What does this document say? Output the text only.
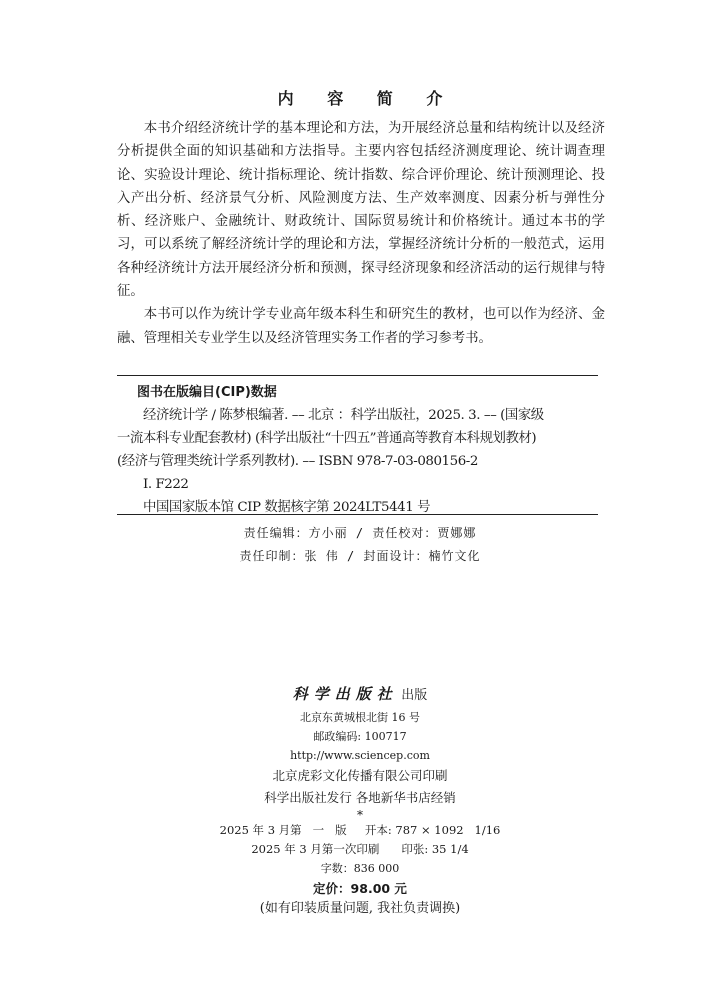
内 容 简 介

本书介绍经济统计学的基本理论和方法，为开展经济总量和结构统计以及经济分析提供全面的知识基础和方法指导。主要内容包括经济测度理论、统计调查理论、实验设计理论、统计指标理论、统计指数、综合评价理论、统计预测理论、投入产出分析、经济景气分析、风险测度方法、生产效率测度、因素分析与弹性分析、经济账户、金融统计、财政统计、国际贸易统计和价格统计。通过本书的学习，可以系统了解经济统计学的理论和方法，掌握经济统计分析的一般范式，运用各种经济统计方法开展经济分析和预测，探寻经济现象和经济活动的运行规律与特征。

本书可以作为统计学专业高年级本科生和研究生的教材，也可以作为经济、金融、管理相关专业学生以及经济管理实务工作者的学习参考书。

图书在版编目(CIP)数据
经济统计学 / 陈梦根编著. –– 北京 ：科学出版社，2025. 3. –– (国家级
一流本科专业配套教材) (科学出版社“十四五”普通高等教育本科规划教材)
(经济与管理类统计学系列教材). –– ISBN 978-7-03-080156-2
Ⅰ. F222
中国国家版本馆 CIP 数据核字第 2024LT5441 号
责任编辑：方小丽 / 责任校对：贾娜娜
责任印制：张 伟 / 封面设计：楠竹文化
科学出版社 出版
北京东黄城根北街 16 号
邮政编码: 100717
http://www.sciencep.com
北京虎彩文化传播有限公司印刷
科学出版社发行 各地新华书店经销
*
2025 年 3 月第   一   版     开本: 787 × 1092   1/16
2025 年 3 月第一次印刷      印张: 35 1/4
字数：836 000
定价：98.00 元
(如有印装质量问题, 我社负责调换)
